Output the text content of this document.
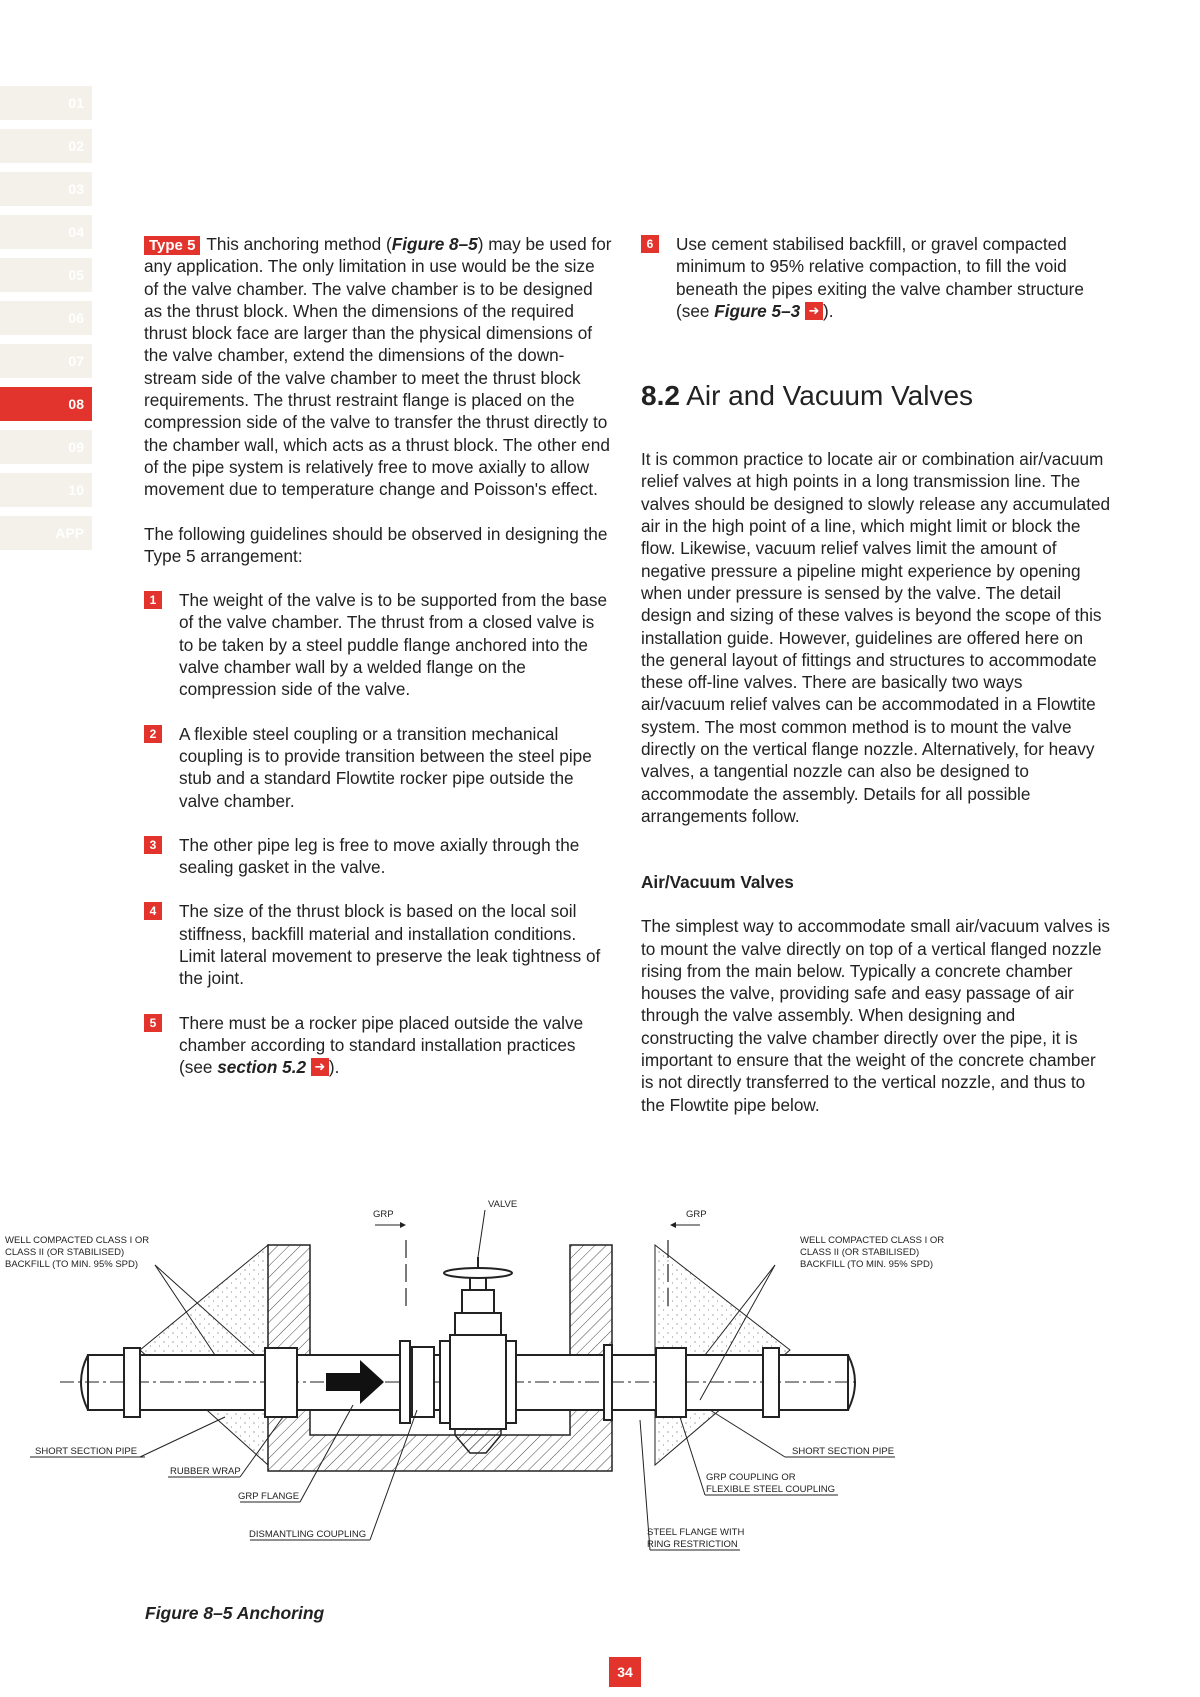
01
02
03
04
05
06
07
08
09
10
APP

Type 5 This anchoring method (Figure 8–5) may be used for any application. The only limitation in use would be the size of the valve chamber. The valve chamber is to be designed as the thrust block. When the dimensions of the required thrust block face are larger than the physical dimensions of the valve chamber, extend the dimensions of the down-stream side of the valve chamber to meet the thrust block requirements. The thrust restraint flange is placed on the compression side of the valve to transfer the thrust directly to the chamber wall, which acts as a thrust block. The other end of the pipe system is relatively free to move axially to allow movement due to temperature change and Poisson's effect.

The following guidelines should be observed in designing the Type 5 arrangement:

1	The weight of the valve is to be supported from the base of the valve chamber. The thrust from a closed valve is to be taken by a steel puddle flange anchored into the valve chamber wall by a welded flange on the compression side of the valve.
2	A flexible steel coupling or a transition mechanical coupling is to provide transition between the steel pipe stub and a standard Flowtite rocker pipe outside the valve chamber.
3	The other pipe leg is free to move axially through the sealing gasket in the valve.
4	The size of the thrust block is based on the local soil stiffness, backfill material and installation conditions. Limit lateral movement to preserve the leak tightness of the joint.
5	There must be a rocker pipe placed outside the valve chamber according to standard installation practices (see section 5.2 ➜ ).
6	Use cement stabilised backfill, or gravel compacted minimum to 95% relative compaction, to fill the void beneath the pipes exiting the valve chamber structure (see Figure 5–3 ➜ ).
8.2 Air and Vacuum Valves

It is common practice to locate air or combination air/vacuum relief valves at high points in a long transmission line. The valves should be designed to slowly release any accumulated air in the high point of a line, which might limit or block the flow. Likewise, vacuum relief valves limit the amount of negative pressure a pipeline might experience by opening when under pressure is sensed by the valve. The detail design and sizing of these valves is beyond the scope of this installation guide. However, guidelines are offered here on the general layout of fittings and structures to accommodate these off-line valves. There are basically two ways air/vacuum relief valves can be accommodated in a Flowtite system. The most common method is to mount the valve directly on the vertical flange nozzle. Alternatively, for heavy valves, a tangential nozzle can also be designed to accommodate the assembly. Details for all possible arrangements follow.

Air/Vacuum Valves

The simplest way to accommodate small air/vacuum valves is to mount the valve directly on top of a vertical flanged nozzle rising from the main below. Typically a concrete chamber houses the valve, providing safe and easy passage of air through the valve assembly. When designing and constructing the valve chamber directly over the pipe, it is important to ensure that the weight of the concrete chamber is not directly transferred to the vertical nozzle, and thus to the Flowtite pipe below.

GRP
VALVE
GRP
WELL COMPACTED CLASS I OR
CLASS II (OR STABILISED)
BACKFILL (TO MIN. 95% SPD)
WELL COMPACTED CLASS I OR
CLASS II (OR STABILISED)
BACKFILL (TO MIN. 95% SPD)
SHORT SECTION PIPE
RUBBER WRAP
GRP FLANGE
DISMANTLING COUPLING
SHORT SECTION PIPE
GRP COUPLING OR
FLEXIBLE STEEL COUPLING
STEEL FLANGE WITH
RING RESTRICTION
Figure 8–5 Anchoring
34
